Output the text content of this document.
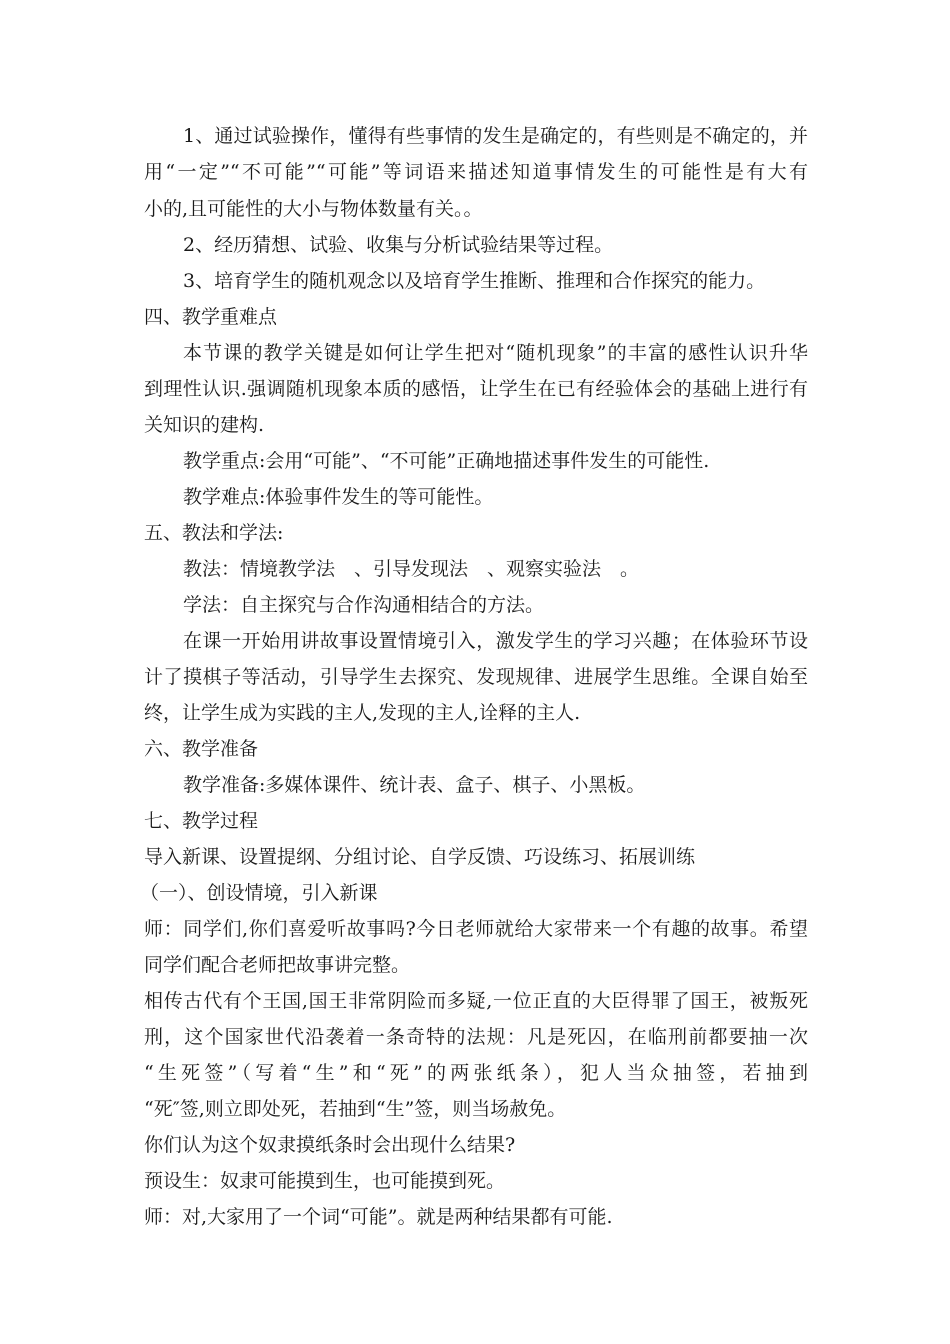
1、通过试验操作，懂得有些事情的发生是确定的，有些则是不确定的，并
用“一定”“不可能”“可能”等词语来描述知道事情发生的可能性是有大有
小的,且可能性的大小与物体数量有关。。
2、经历猜想、试验、收集与分析试验结果等过程。
3、培育学生的随机观念以及培育学生推断、推理和合作探究的能力。
四、教学重难点
本节课的教学关键是如何让学生把对“随机现象”的丰富的感性认识升华
到理性认识.强调随机现象本质的感悟，让学生在已有经验体会的基础上进行有
关知识的建构.
教学重点:会用“可能”、“不可能”正确地描述事件发生的可能性.
教学难点:体验事件发生的等可能性。
五、教法和学法:
教法：情境教学法　、引导发现法　、观察实验法　。
学法：自主探究与合作沟通相结合的方法。
在课一开始用讲故事设置情境引入，激发学生的学习兴趣；在体验环节设
计了摸棋子等活动，引导学生去探究、发现规律、进展学生思维。全课自始至
终，让学生成为实践的主人,发现的主人,诠释的主人.
六、教学准备
教学准备:多媒体课件、统计表、盒子、棋子、小黑板。
七、教学过程
导入新课、设置提纲、分组讨论、自学反馈、巧设练习、拓展训练
（一）、创设情境，引入新课
师：同学们,你们喜爱听故事吗?今日老师就给大家带来一个有趣的故事。希望
同学们配合老师把故事讲完整。
相传古代有个王国,国王非常阴险而多疑,一位正直的大臣得罪了国王，被叛死
刑，这个国家世代沿袭着一条奇特的法规：凡是死囚，在临刑前都要抽一次
“生死签”（写着“生”和“死”的两张纸条），犯人当众抽签，若抽到
“死″签,则立即处死，若抽到“生”签，则当场赦免。
你们认为这个奴隶摸纸条时会出现什么结果?
预设生：奴隶可能摸到生，也可能摸到死。
师：对,大家用了一个词“可能”。就是两种结果都有可能.
